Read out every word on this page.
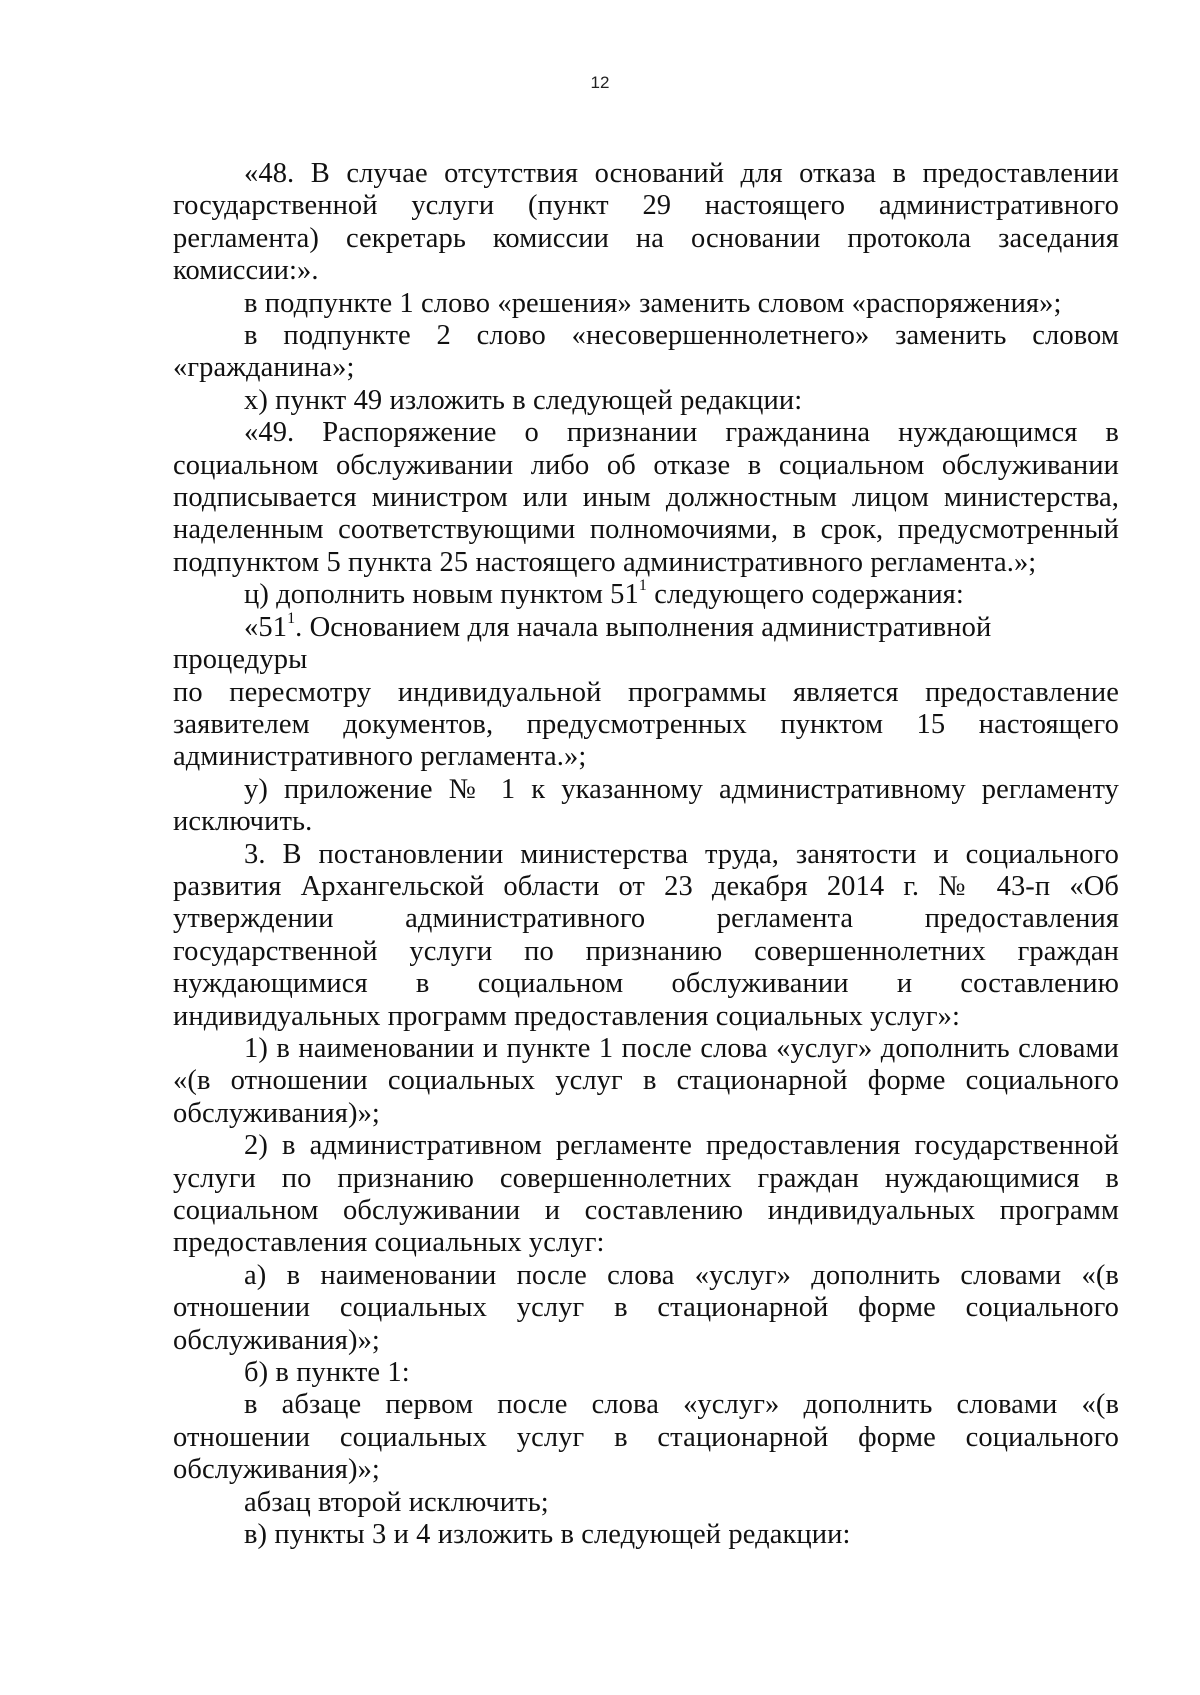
12

«48. В случае отсутствия оснований для отказа в предоставлении государственной услуги (пункт 29 настоящего административного регламента) секретарь комиссии на основании протокола заседания комиссии:».

в подпункте 1 слово «решения» заменить словом «распоряжения»;

в подпункте 2 слово «несовершеннолетнего» заменить словом «гражданина»;

х) пункт 49 изложить в следующей редакции:

«49. Распоряжение о признании гражданина нуждающимся в социальном обслуживании либо об отказе в социальном обслуживании подписывается министром или иным должностным лицом министерства, наделенным соответствующими полномочиями, в срок, предусмотренный подпунктом 5 пункта 25 настоящего административного регламента.»;

ц) дополнить новым пунктом $51^1$ следующего содержания:

«$51^1$. Основанием для начала выполнения административной

процедуры

по пересмотру индивидуальной программы является предоставление заявителем документов, предусмотренных пунктом 15 настоящего административного регламента.»;

у) приложение № 1 к указанному административному регламенту исключить.

3. В постановлении министерства труда, занятости и социального развития Архангельской области от 23 декабря 2014 г. № 43-п «Об утверждении административного регламента предоставления государственной услуги по признанию совершеннолетних граждан нуждающимися в социальном обслуживании и составлению индивидуальных программ предоставления социальных услуг»:

1) в наименовании и пункте 1 после слова «услуг» дополнить словами «(в отношении социальных услуг в стационарной форме социального обслуживания)»;

2) в административном регламенте предоставления государственной услуги по признанию совершеннолетних граждан нуждающимися в социальном обслуживании и составлению индивидуальных программ предоставления социальных услуг:

а) в наименовании после слова «услуг» дополнить словами «(в отношении социальных услуг в стационарной форме социального обслуживания)»;

б) в пункте 1:

в абзаце первом после слова «услуг» дополнить словами «(в отношении социальных услуг в стационарной форме социального обслуживания)»;

абзац второй исключить;

в) пункты 3 и 4 изложить в следующей редакции:
